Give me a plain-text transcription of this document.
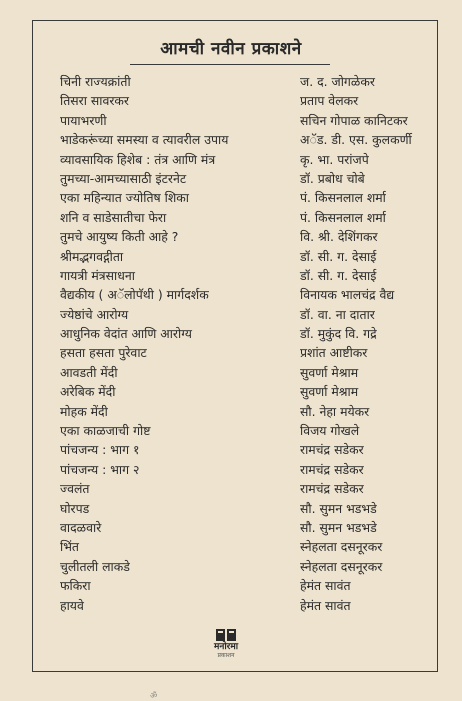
आमची नवीन प्रकाशने
चिनी राज्यक्रांती	ज. द. जोगळेकर
तिसरा सावरकर	प्रताप वेलकर
पायाभरणी	सचिन गोपाळ कानिटकर
भाडेकरूंच्या समस्या व त्यावरील उपाय	अॅड. डी. एस. कुलकर्णी
व्यावसायिक हिशेब : तंत्र आणि मंत्र	कृ. भा. परांजपे
तुमच्या-आमच्यासाठी इंटरनेट	डॉ. प्रबोध चोबे
एका महिन्यात ज्योतिष शिका	पं. किसनलाल शर्मा
शनि व साडेसातीचा फेरा	पं. किसनलाल शर्मा
तुमचे आयुष्य किती आहे ?	वि. श्री. देशिंगकर
श्रीमद्भगवद्गीता	डॉ. सी. ग. देसाई
गायत्री मंत्रसाधना	डॉ. सी. ग. देसाई
वैद्यकीय ( अॅलोपॅथी ) मार्गदर्शक	विनायक भालचंद्र वैद्य
ज्येष्ठांचे आरोग्य	डॉ. वा. ना दातार
आधुनिक वेदांत आणि आरोग्य	डॉ. मुकुंद वि. गद्रे
हसता हसता पुरेवाट	प्रशांत आष्टीकर
आवडती मेंदी	सुवर्णा मेश्राम
अरेबिक मेंदी	सुवर्णा मेश्राम
मोहक मेंदी	सौ. नेहा मयेकर
एका काळजाची गोष्ट	विजय गोखले
पांचजन्य : भाग १	रामचंद्र सडेकर
पांचजन्य : भाग २	रामचंद्र सडेकर
ज्वलंत	रामचंद्र सडेकर
घोरपड	सौ. सुमन भडभडे
वादळवारे	सौ. सुमन भडभडे
भिंत	स्नेहलता दसनूरकर
चुलीतली लाकडे	स्नेहलता दसनूरकर
फकिरा	हेमंत सावंत
हायवे	हेमंत सावंत
मनोरमा
प्रकाशन
ॐ
